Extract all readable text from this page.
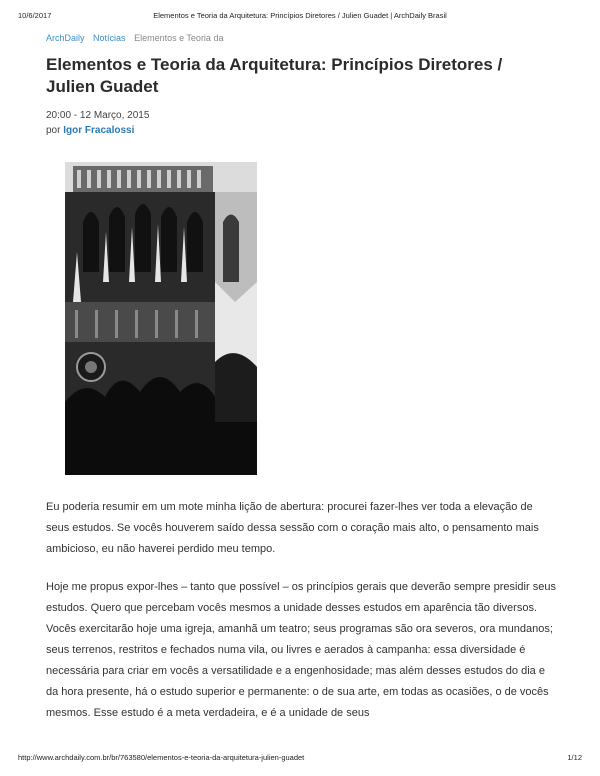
10/6/2017	Elementos e Teoria da Arquitetura: Princípios Diretores / Julien Guadet | ArchDaily Brasil
ArchDaily Notícias Elementos e Teoria da
Elementos e Teoria da Arquitetura: Princípios Diretores / Julien Guadet
20:00 - 12 Março, 2015
por Igor Fracalossi

Eu poderia resumir em um mote minha lição de abertura: procurei fazer-lhes ver toda a elevação de seus estudos. Se vocês houverem saído dessa sessão com o coração mais alto, o pensamento mais ambicioso, eu não haverei perdido meu tempo.

Hoje me propus expor-lhes – tanto que possível – os princípios gerais que deverão sempre presidir seus estudos. Quero que percebam vocês mesmos a unidade desses estudos em aparência tão diversos. Vocês exercitarão hoje uma igreja, amanhã um teatro; seus programas são ora severos, ora mundanos; seus terrenos, restritos e fechados numa vila, ou livres e aerados à campanha: essa diversidade é necessária para criar em vocês a versatilidade e a engenhosidade; mas além desses estudos do dia e da hora presente, há o estudo superior e permanente: o de sua arte, em todas as ocasiões, o de vocês mesmos. Esse estudo é a meta verdadeira, e é a unidade de seus

http://www.archdaily.com.br/br/763580/elementos-e-teoria-da-arquitetura-julien-guadet	1/12
